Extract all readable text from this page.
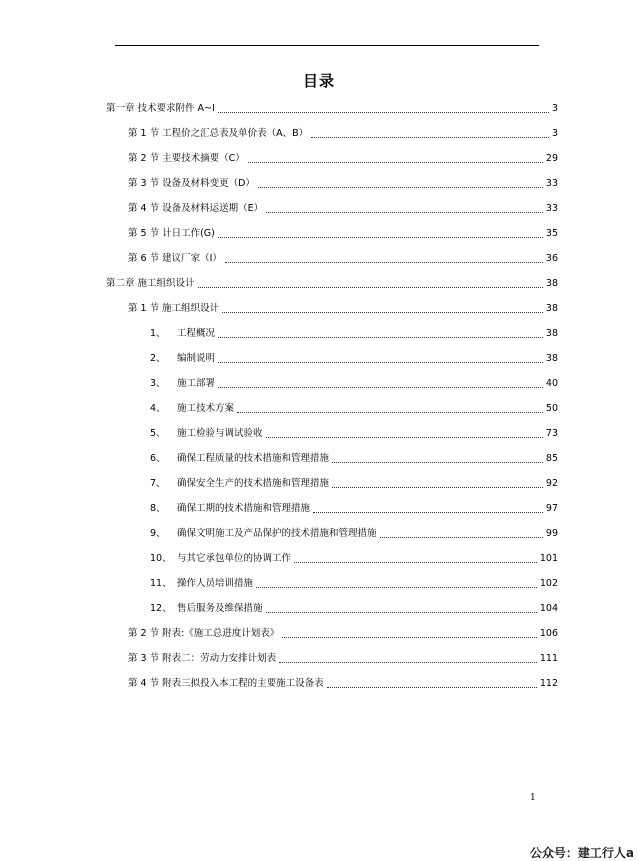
目录
第一章 技术要求附件 A~I	3
第 1 节 工程价之汇总表及单价表（A、B）	3
第 2 节 主要技术摘要（C）	29
第 3 节 设备及材料变更（D）	33
第 4 节 设备及材料运送期（E）	33
第 5 节 计日工作(G)	35
第 6 节 建议厂家（I）	36
第二章 施工组织设计	38
第 1 节 施工组织设计	38
1、 工程概况	38
2、 编制说明	38
3、 施工部署	40
4、 施工技术方案	50
5、 施工检验与调试验收	73
6、 确保工程质量的技术措施和管理措施	85
7、 确保安全生产的技术措施和管理措施	92
8、 确保工期的技术措施和管理措施	97
9、 确保文明施工及产品保护的技术措施和管理措施	99
10、 与其它承包单位的协调工作	101
11、 操作人员培训措施	102
12、 售后服务及维保措施	104
第 2 节 附表:《施工总进度计划表》	106
第 3 节 附表二：劳动力安排计划表	111
第 4 节 附表三拟投入本工程的主要施工设备表	112
1
公众号：建工行人a
